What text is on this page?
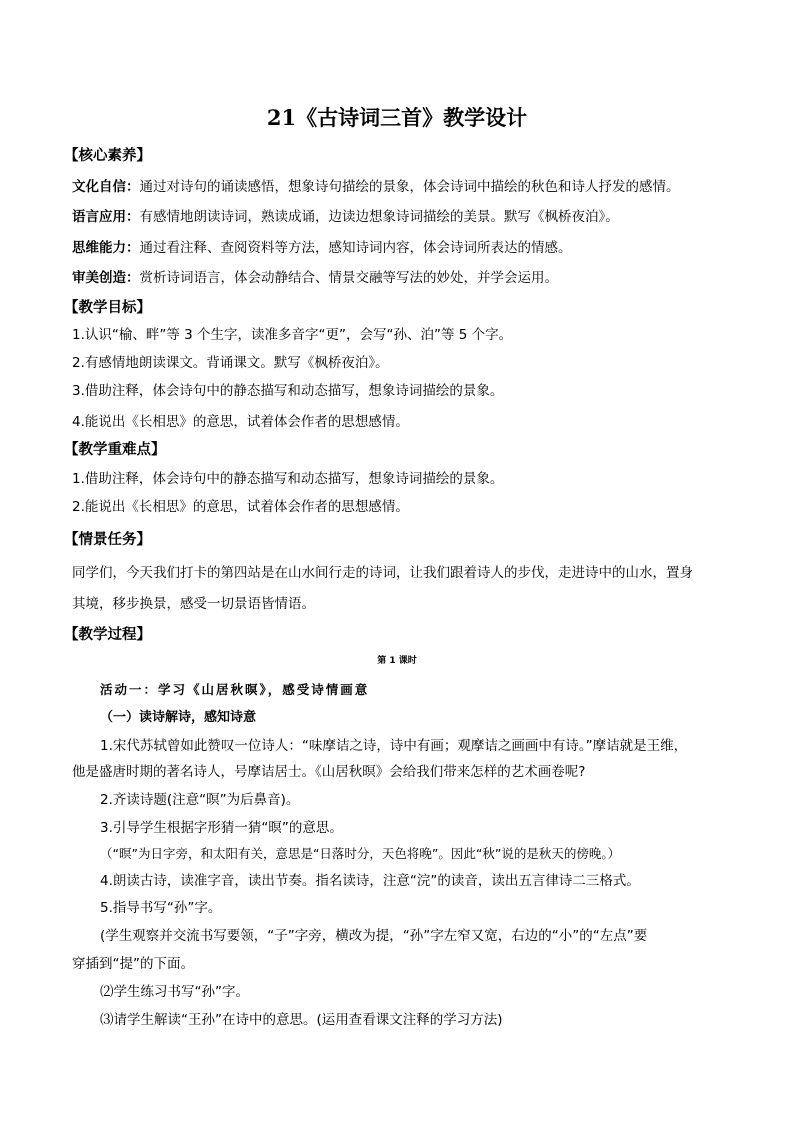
21《古诗词三首》教学设计
【核心素养】
文化自信：通过对诗句的诵读感悟，想象诗句描绘的景象，体会诗词中描绘的秋色和诗人抒发的感情。
语言应用：有感情地朗读诗词，熟读成诵，边读边想象诗词描绘的美景。默写《枫桥夜泊》。
思维能力：通过看注释、查阅资料等方法，感知诗词内容，体会诗词所表达的情感。
审美创造：赏析诗词语言，体会动静结合、情景交融等写法的妙处，并学会运用。
【教学目标】
1.认识“榆、畔”等 3 个生字，读准多音字“更”，会写“孙、泊”等 5 个字。
2.有感情地朗读课文。背诵课文。默写《枫桥夜泊》。
3.借助注释，体会诗句中的静态描写和动态描写，想象诗词描绘的景象。
4.能说出《长相思》的意思，试着体会作者的思想感情。
【教学重难点】
1.借助注释，体会诗句中的静态描写和动态描写，想象诗词描绘的景象。
2.能说出《长相思》的意思，试着体会作者的思想感情。
【情景任务】
同学们，今天我们打卡的第四站是在山水间行走的诗词，让我们跟着诗人的步伐，走进诗中的山水，置身
其境，移步换景，感受一切景语皆情语。
【教学过程】
第 1 课时
活动一：学习《山居秋暝》，感受诗情画意
（一）读诗解诗，感知诗意
1.宋代苏轼曾如此赞叹一位诗人：“味摩诘之诗，诗中有画；观摩诘之画画中有诗。”摩诘就是王维，
他是盛唐时期的著名诗人，号摩诘居士。《山居秋暝》会给我们带来怎样的艺术画卷呢?
2.齐读诗题(注意“暝”为后鼻音)。
3.引导学生根据字形猜一猜“暝”的意思。
（“暝”为日字旁，和太阳有关，意思是“日落时分，天色将晚”。因此“秋”说的是秋天的傍晚。）
4.朗读古诗，读准字音，读出节奏。指名读诗，注意“浣”的读音，读出五言律诗二三格式。
5.指导书写“孙”字。
(学生观察并交流书写要领，“子”字旁，横改为提，“孙”字左窄又宽，右边的“小”的“左点”要
穿插到“提”的下面。
⑵学生练习书写“孙”字。
⑶请学生解读“王孙”在诗中的意思。(运用查看课文注释的学习方法)
